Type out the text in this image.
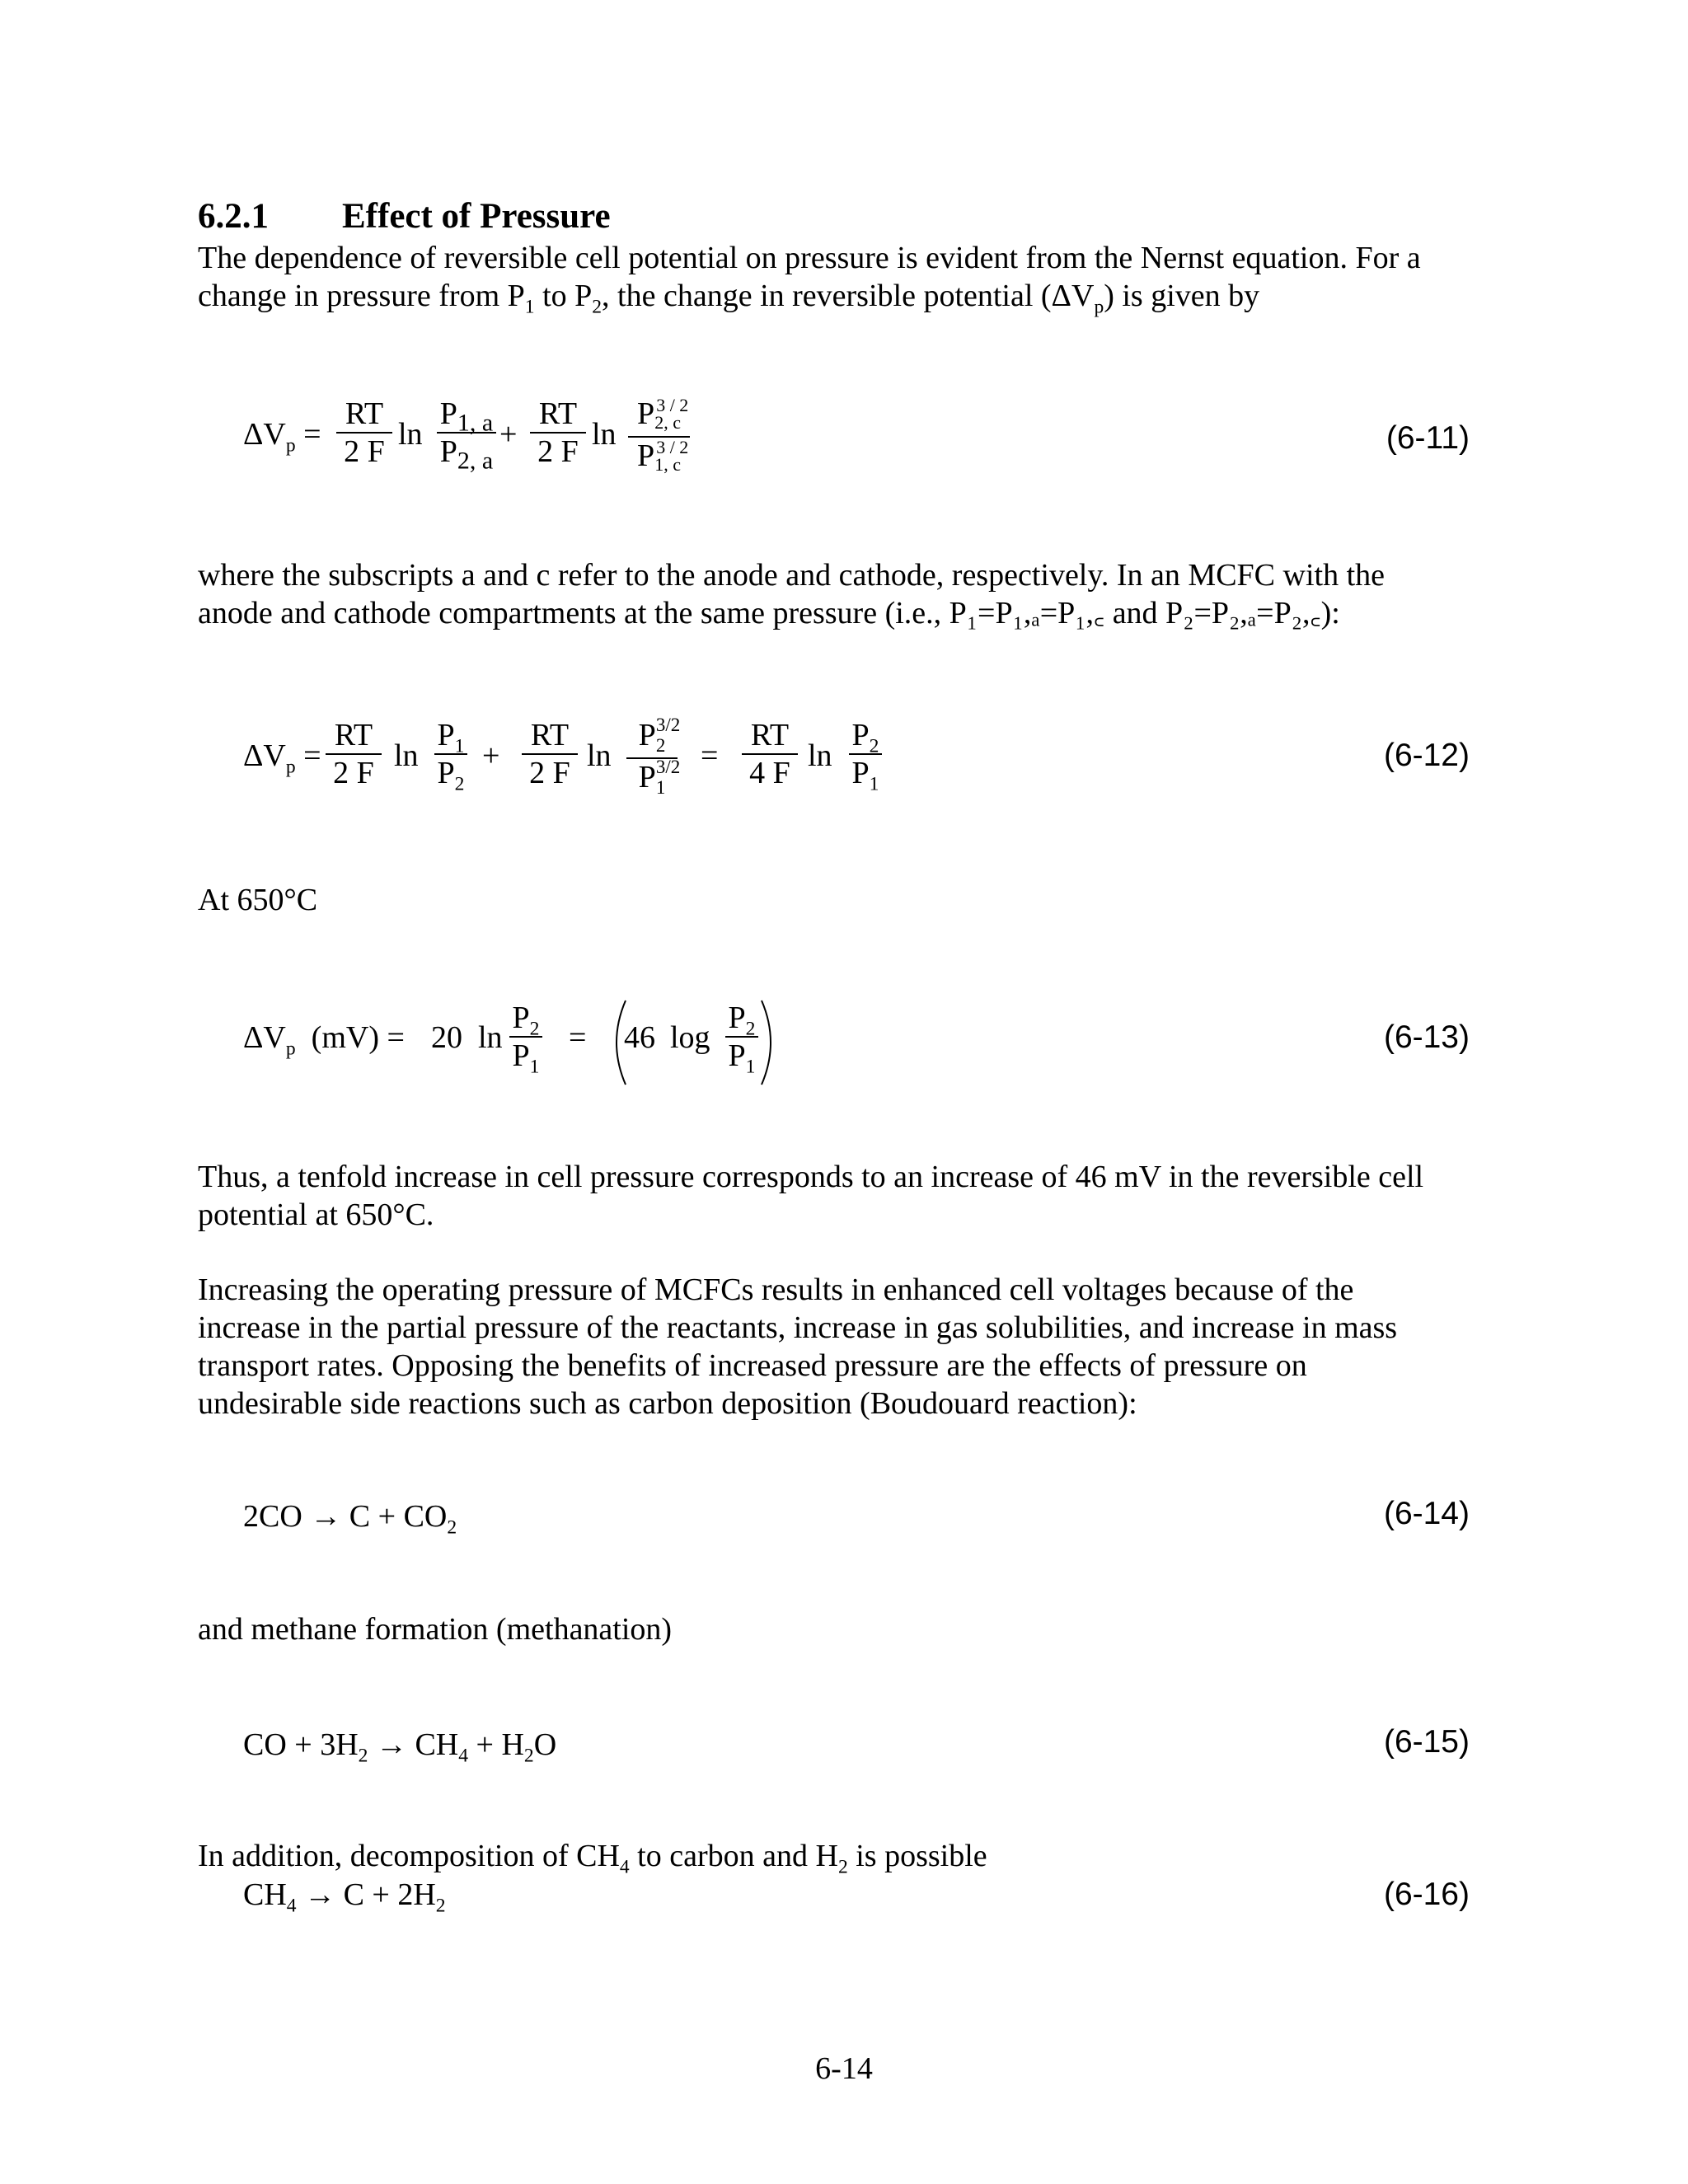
6.2.1 Effect of Pressure
The dependence of reversible cell potential on pressure is evident from the Nernst equation. For a
change in pressure from $P_1$ to $P_2$, the change in reversible potential $(\Delta V_p)$ is given by
$\Delta V_p$ =
RT
2 F ln
$P_{1, a}$
$P_{2, a}$
+
RT
2 F ln
P 3 / 2
2, c
P 3 / 2
1, c
(6-11)
where the subscripts a and c refer to the anode and cathode, respectively. In an MCFC with the
anode and cathode compartments at the same pressure (i.e., P₁=P₁,ₐ=P₁,꜀ and P₂=P₂,ₐ=P₂,꜀):
$\Delta V_p$ =
RT
2 F ln
$P_1$
$P_2$
+
RT
2 F ln
P 3/2
2
P 3/2
1
=
RT
4 F ln
$P_2$
$P_1$
(6-12)
At 650°C
$\Delta V_p$ (mV) = 20 ln
$P_2$
$P_1$
= 46 log
$P_2$
$P_1$
(6-13)
Thus, a tenfold increase in cell pressure corresponds to an increase of 46 mV in the reversible cell
potential at 650°C.
Increasing the operating pressure of MCFCs results in enhanced cell voltages because of the
increase in the partial pressure of the reactants, increase in gas solubilities, and increase in mass
transport rates. Opposing the benefits of increased pressure are the effects of pressure on
undesirable side reactions such as carbon deposition (Boudouard reaction):
$2CO \to C + CO_2$	(6-14)
and methane formation (methanation)
CO + $3H_2 \to CH_4 + H_2O$	(6-15)
In addition, decomposition of $CH_4$ to carbon and $H_2$ is possible
$CH_4 \to C + 2H_2$	(6-16)
6-14
